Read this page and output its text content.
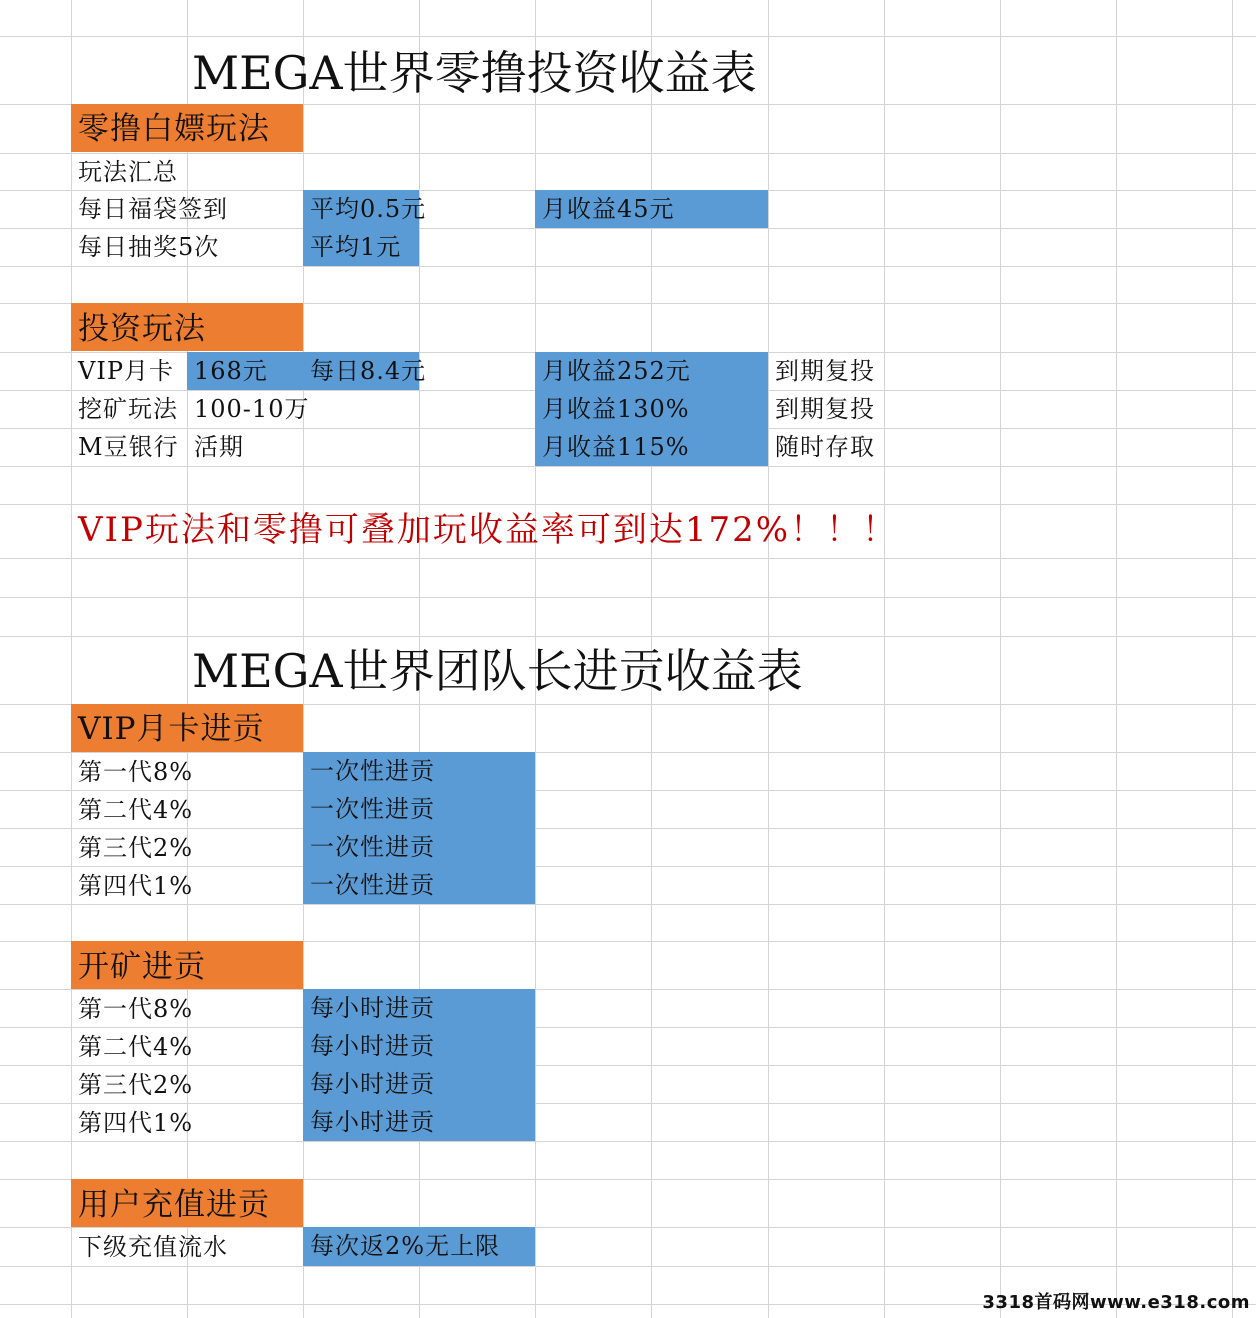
MEGA世界零撸投资收益表
零撸白嫖玩法
玩法汇总
每日福袋签到	平均0.5元	月收益45元
每日抽奖5次	平均1元
投资玩法
VIP月卡 168元	每日8.4元	月收益252元	到期复投
挖矿玩法 100-10万	月收益130%	到期复投
M豆银行 活期	月收益115%	随时存取
VIP玩法和零撸可叠加玩收益率可到达172%！！！
MEGA世界团队长进贡收益表
VIP月卡进贡
第一代8%	一次性进贡
第二代4%	一次性进贡
第三代2%	一次性进贡
第四代1%	一次性进贡
开矿进贡
第一代8%	每小时进贡
第二代4%	每小时进贡
第三代2%	每小时进贡
第四代1%	每小时进贡
用户充值进贡
下级充值流水	每次返2%无上限
3318首码网www.e318.com
